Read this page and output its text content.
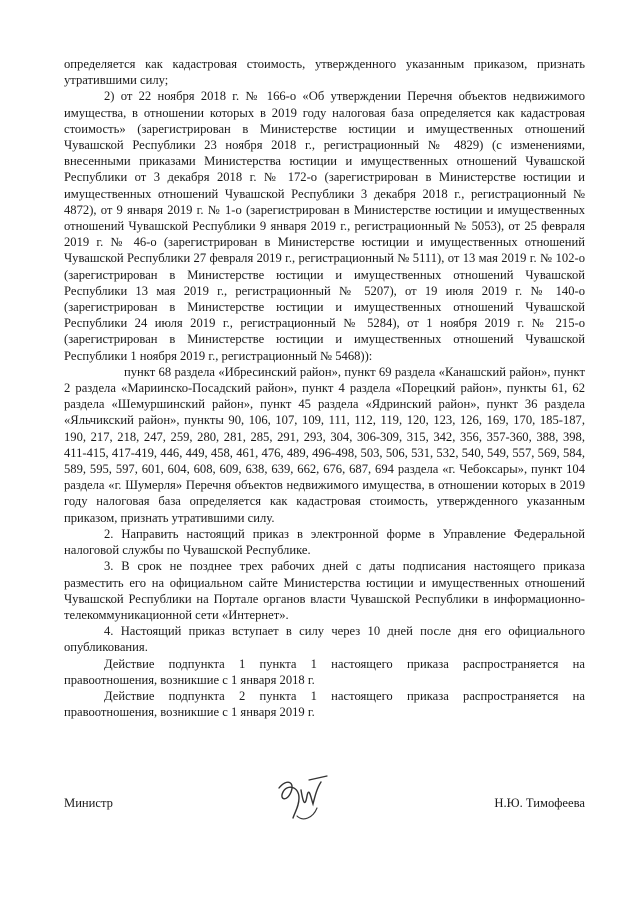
определяется как кадастровая стоимость, утвержденного указанным приказом, признать утратившими силу;

2) от 22 ноября 2018 г. № 166-о «Об утверждении Перечня объектов недвижимого имущества, в отношении которых в 2019 году налоговая база определяется как кадастровая стоимость» (зарегистрирован в Министерстве юстиции и имущественных отношений Чувашской Республики 23 ноября 2018 г., регистрационный № 4829) (с изменениями, внесенными приказами Министерства юстиции и имущественных отношений Чувашской Республики от 3 декабря 2018 г. № 172-о (зарегистрирован в Министерстве юстиции и имущественных отношений Чувашской Республики 3 декабря 2018 г., регистрационный № 4872), от 9 января 2019 г. № 1-о (зарегистрирован в Министерстве юстиции и имущественных отношений Чувашской Республики 9 января 2019 г., регистрационный № 5053), от 25 февраля 2019 г. № 46-о (зарегистрирован в Министерстве юстиции и имущественных отношений Чувашской Республики 27 февраля 2019 г., регистрационный № 5111), от 13 мая 2019 г. № 102-о (зарегистрирован в Министерстве юстиции и имущественных отношений Чувашской Республики 13 мая 2019 г., регистрационный № 5207), от 19 июля 2019 г. № 140-о (зарегистрирован в Министерстве юстиции и имущественных отношений Чувашской Республики 24 июля 2019 г., регистрационный № 5284), от 1 ноября 2019 г. № 215-о (зарегистрирован в Министерстве юстиции и имущественных отношений Чувашской Республики 1 ноября 2019 г., регистрационный № 5468)):

пункт 68 раздела «Ибресинский район», пункт 69 раздела «Канашский район», пункт 2 раздела «Мариинско-Посадский район», пункт 4 раздела «Порецкий район», пункты 61, 62 раздела «Шемуршинский район», пункт 45 раздела «Ядринский район», пункт 36 раздела «Яльчикский район», пункты 90, 106, 107, 109, 111, 112, 119, 120, 123, 126, 169, 170, 185-187, 190, 217, 218, 247, 259, 280, 281, 285, 291, 293, 304, 306-309, 315, 342, 356, 357-360, 388, 398, 411-415, 417-419, 446, 449, 458, 461, 476, 489, 496-498, 503, 506, 531, 532, 540, 549, 557, 569, 584, 589, 595, 597, 601, 604, 608, 609, 638, 639, 662, 676, 687, 694 раздела «г. Чебоксары», пункт 104 раздела «г. Шумерля» Перечня объектов недвижимого имущества, в отношении которых в 2019 году налоговая база определяется как кадастровая стоимость, утвержденного указанным приказом, признать утратившими силу.

2. Направить настоящий приказ в электронной форме в Управление Федеральной налоговой службы по Чувашской Республике.

3. В срок не позднее трех рабочих дней с даты подписания настоящего приказа разместить его на официальном сайте Министерства юстиции и имущественных отношений Чувашской Республики на Портале органов власти Чувашской Республики в информационно-телекоммуникационной сети «Интернет».

4. Настоящий приказ вступает в силу через 10 дней после дня его официального опубликования.

Действие подпункта 1 пункта 1 настоящего приказа распространяется на правоотношения, возникшие с 1 января 2018 г.

Действие подпункта 2 пункта 1 настоящего приказа распространяется на правоотношения, возникшие с 1 января 2019 г.

Министр	Н.Ю. Тимофеева
